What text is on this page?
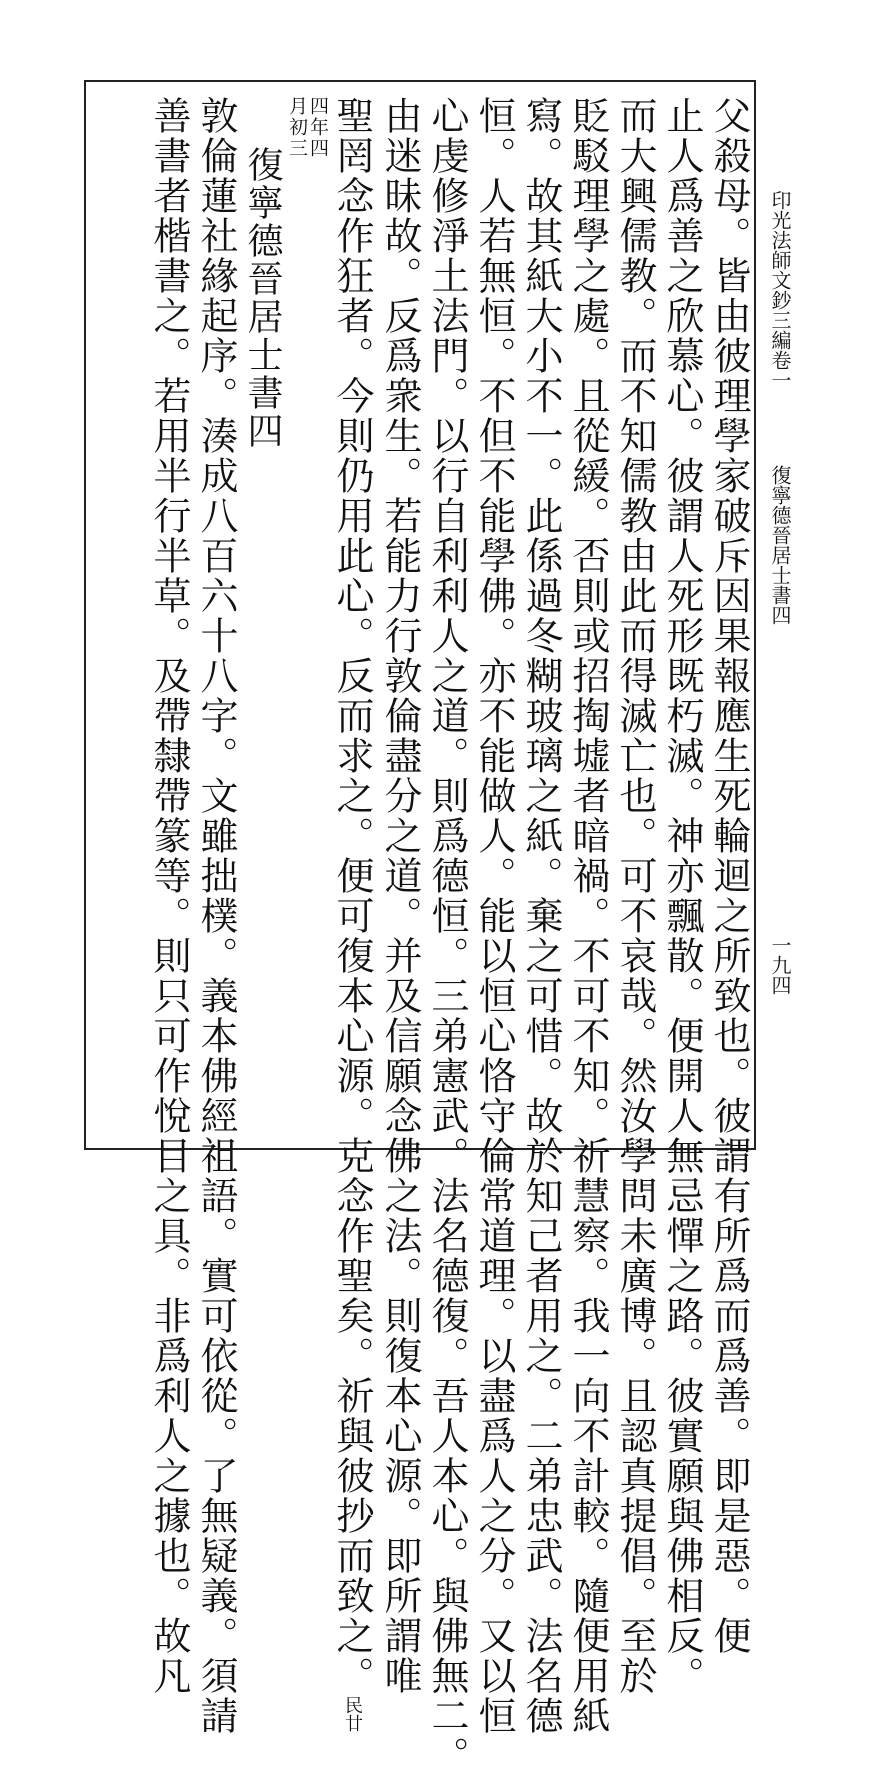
印光法師文鈔三編卷一
復寧德晉居士書四
一九四
父殺母。皆由彼理學家破斥因果報應生死輪迴之所致也。彼謂有所爲而爲善。即是惡。便
止人爲善之欣慕心。彼謂人死形既朽滅。神亦飄散。便開人無忌憚之路。彼實願與佛相反。
而大興儒教。而不知儒教由此而得滅亡也。可不哀哉。然汝學問未廣博。且認真提倡。至於
貶駁理學之處。且從緩。否則或招掏墟者暗禍。不可不知。祈慧察。我一向不計較。隨便用紙
寫。故其紙大小不一。此係過冬糊玻璃之紙。棄之可惜。故於知己者用之。二弟忠武。法名德
恒。人若無恒。不但不能學佛。亦不能做人。能以恒心恪守倫常道理。以盡爲人之分。又以恒
心虔修淨土法門。以行自利利人之道。則爲德恒。三弟憲武。法名德復。吾人本心。與佛無二。
由迷昧故。反爲衆生。若能力行敦倫盡分之道。并及信願念佛之法。則復本心源。即所謂唯
聖罔念作狂者。今則仍用此心。反而求之。便可復本心源。克念作聖矣。祈與彼抄而致之。民廿
四年四
月初三
復寧德晉居士書四
敦倫蓮社緣起序。湊成八百六十八字。文雖拙樸。義本佛經祖語。實可依從。了無疑義。須請
善書者楷書之。若用半行半草。及帶隸帶篆等。則只可作悅目之具。非爲利人之據也。故凡
